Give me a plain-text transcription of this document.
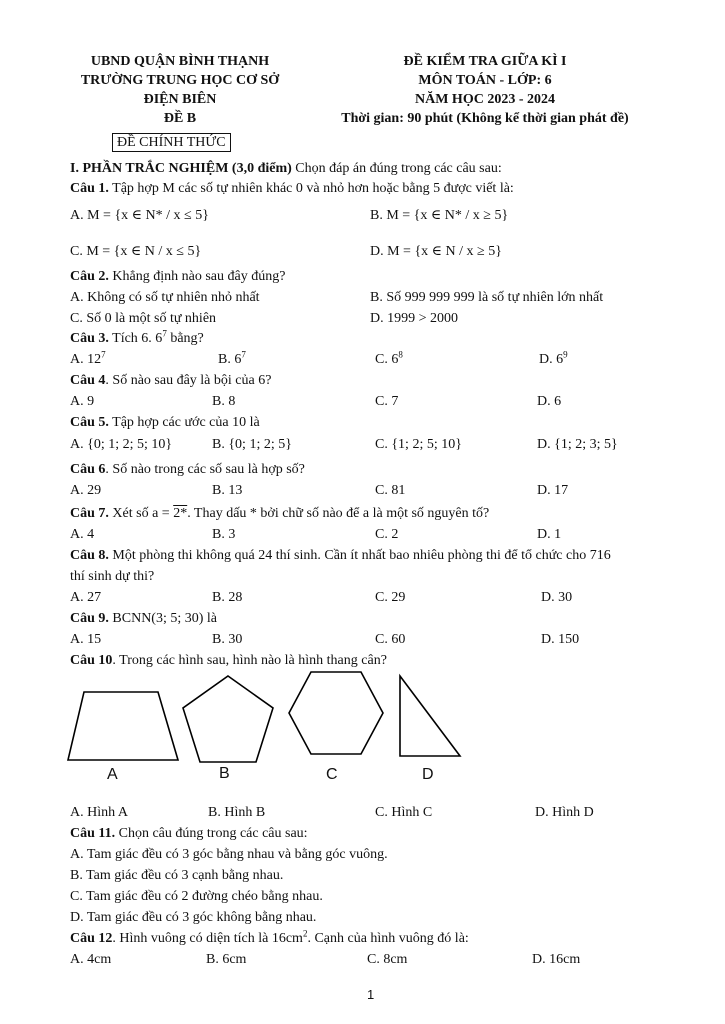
UBND QUẬN BÌNH THẠNH
TRƯỜNG TRUNG HỌC CƠ SỞ
ĐIỆN BIÊN
ĐỀ B
ĐỀ CHÍNH THỨC
ĐỀ KIỂM TRA GIỮA KÌ I
MÔN TOÁN - LỚP: 6
NĂM HỌC 2023 - 2024
Thời gian: 90 phút (Không kể thời gian phát đề)
I. PHẦN TRẮC NGHIỆM (3,0 điểm) Chọn đáp án đúng trong các câu sau:
Câu 1. Tập hợp M các số tự nhiên khác 0 và nhỏ hơn hoặc bằng 5 được viết là:
A. M = {x ∈ N* / x ≤ 5}	B. M = {x ∈ N* / x ≥ 5}
C. M = {x ∈ N / x ≤ 5}	D. M = {x ∈ N / x ≥ 5}
Câu 2. Khẳng định nào sau đây đúng?
A. Không có số tự nhiên nhỏ nhất	B. Số 999 999 999 là số tự nhiên lớn nhất
C. Số 0 là một số tự nhiên	D. 1999 > 2000
Câu 3. Tích 6. $6^7$ bằng?
A. $12^7$	B. $6^7$	C. $6^8$	D. $6^9$
Câu 4. Số nào sau đây là bội của 6?
A. 9	B. 8	C. 7	D. 6
Câu 5. Tập hợp các ước của 10 là
A. {0; 1; 2; 5; 10}	B. {0; 1; 2; 5}	C. {1; 2; 5; 10}	D. {1; 2; 3; 5}
Câu 6. Số nào trong các số sau là hợp số?
A. 29	B. 13	C. 81	D. 17
Câu 7. Xét số a = 2*. Thay dấu * bởi chữ số nào để a là một số nguyên tố?
A. 4	B. 3	C. 2	D. 1
Câu 8. Một phòng thi không quá 24 thí sinh. Cần ít nhất bao nhiêu phòng thi để tổ chức cho 716
thí sinh dự thi?
A. 27	B. 28	C. 29	D. 30
Câu 9. BCNN(3; 5; 30) là
A. 15	B. 30	C. 60	D. 150
Câu 10. Trong các hình sau, hình nào là hình thang cân?
A	B	C	D
A. Hình A	B. Hình B	C. Hình C	D. Hình D
Câu 11. Chọn câu đúng trong các câu sau:
A. Tam giác đều có 3 góc bằng nhau và bằng góc vuông.
B. Tam giác đều có 3 cạnh bằng nhau.
C. Tam giác đều có 2 đường chéo bằng nhau.
D. Tam giác đều có 3 góc không bằng nhau.
Câu 12. Hình vuông có diện tích là $16cm^2$. Cạnh của hình vuông đó là:
A. 4cm	B. 6cm	C. 8cm	D. 16cm
1
